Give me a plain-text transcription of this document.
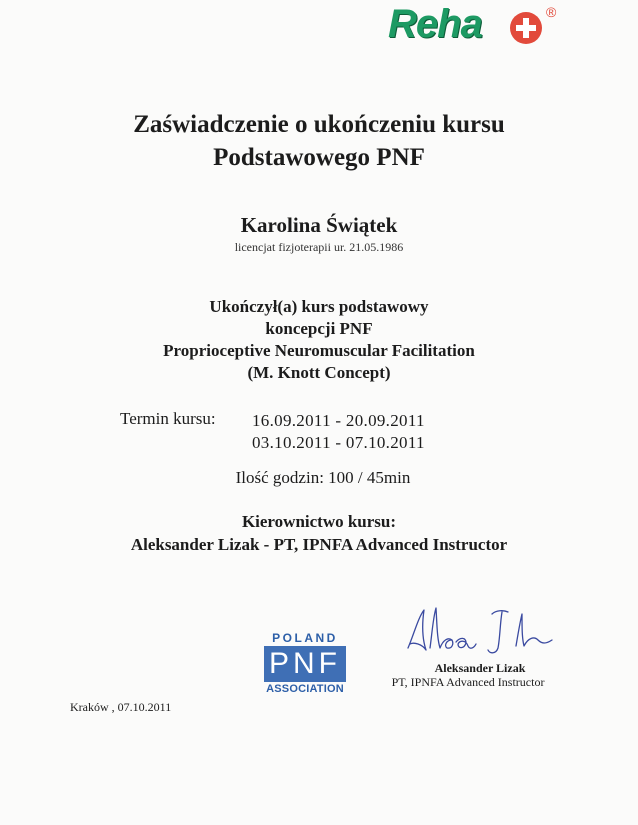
Reha	®
Zaświadczenie o ukończeniu kursu
Podstawowego PNF
Karolina Świątek
licencjat fizjoterapii ur. 21.05.1986
Ukończył(a) kurs podstawowy
koncepcji PNF
Proprioceptive Neuromuscular Facilitation
(M. Knott Concept)
Termin kursu: 16.09.2011 - 20.09.2011
03.10.2011 - 07.10.2011
Ilość godzin: 100 / 45min
Kierownictwo kursu:
Aleksander Lizak - PT, IPNFA Advanced Instructor
POLAND
PNF
ASSOCIATION
Aleksander Lizak
PT, IPNFA Advanced Instructor
Kraków , 07.10.2011
